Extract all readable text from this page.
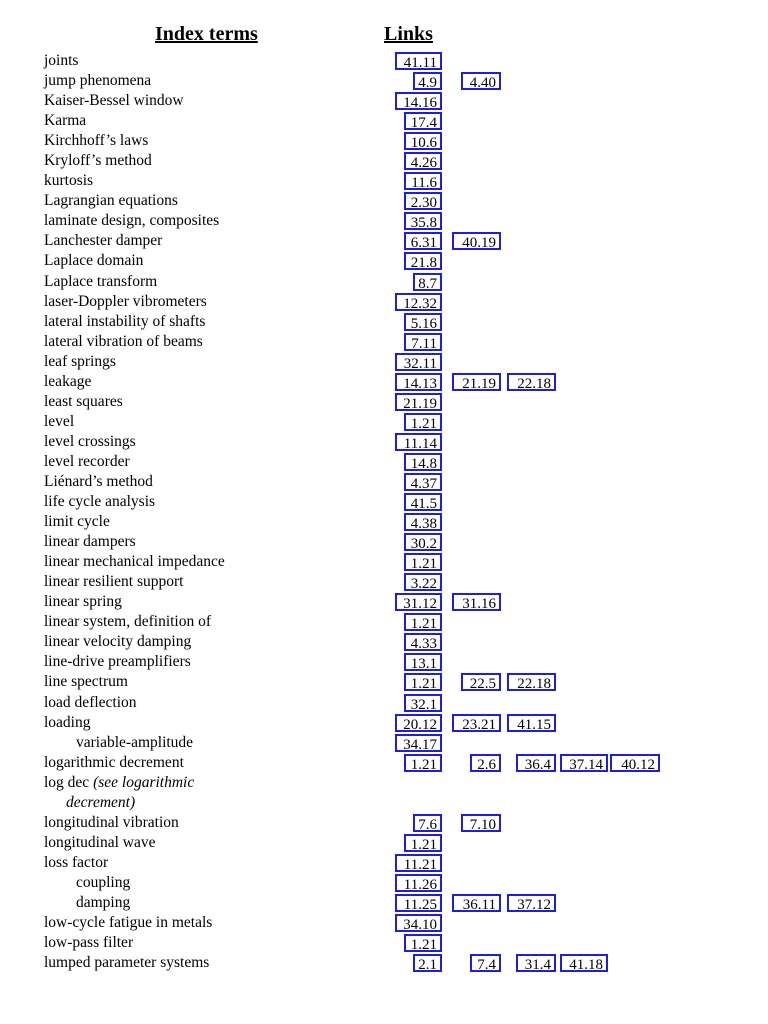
Index terms	Links
joints	41.11
jump phenomena	4.9	4.40
Kaiser-Bessel window	14.16
Karma	17.4
Kirchhoff’s laws	10.6
Kryloff’s method	4.26
kurtosis	11.6
Lagrangian equations	2.30
laminate design, composites	35.8
Lanchester damper	6.31	40.19
Laplace domain	21.8
Laplace transform	8.7
laser-Doppler vibrometers	12.32
lateral instability of shafts	5.16
lateral vibration of beams	7.11
leaf springs	32.11
leakage	14.13	21.19	22.18
least squares	21.19
level	1.21
level crossings	11.14
level recorder	14.8
Liénard’s method	4.37
life cycle analysis	41.5
limit cycle	4.38
linear dampers	30.2
linear mechanical impedance	1.21
linear resilient support	3.22
linear spring	31.12	31.16
linear system, definition of	1.21
linear velocity damping	4.33
line-drive preamplifiers	13.1
line spectrum	1.21	22.5	22.18
load deflection	32.1
loading	20.12	23.21	41.15
variable-amplitude	34.17
logarithmic decrement	1.21	2.6	36.4	37.14	40.12
log dec (see logarithmic
decrement)
longitudinal vibration	7.6	7.10
longitudinal wave	1.21
loss factor	11.21
coupling	11.26
damping	11.25	36.11	37.12
low-cycle fatigue in metals	34.10
low-pass filter	1.21
lumped parameter systems	2.1	7.4	31.4	41.18
